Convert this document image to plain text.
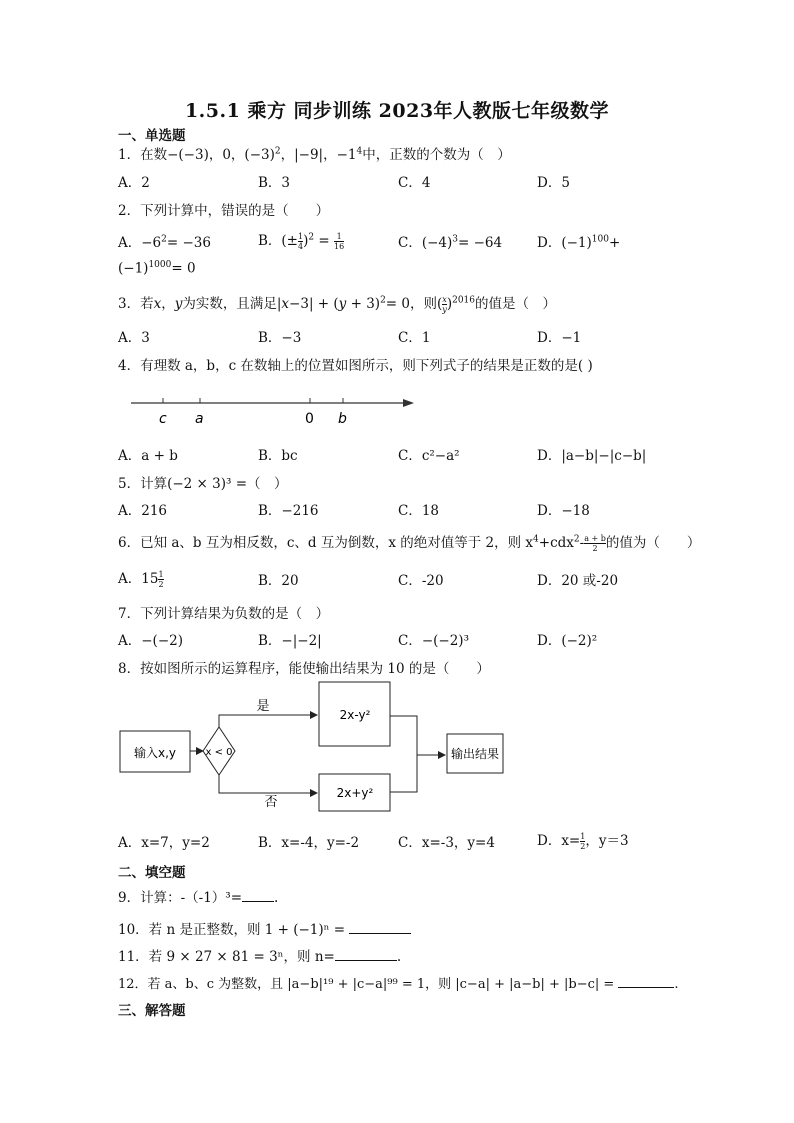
1.5.1 乘方 同步训练 2023年人教版七年级数学
一、单选题
1．在数−(−3)，0，$(-3)^2$，|−9|，$-1^4$中，正数的个数为（　）
A．2	B．3	C．4	D．5
2．下列计算中，错误的是（　　）
A．$-6^2= -36$	B．(± $\frac{1}{4} )^2 = \frac{1}{16}$	C．$(-4)^3= -64$	D．$(-1)^{100}+$
$(-1)^{1000}= 0$
3．若x，y为实数，且满足$|x-3| + (y + 3)^2= 0$，则( $\frac{x}{y} )^{2016}$的值是（　）
A．3	B．−3	C．1	D．−1
4．有理数 a，b，c 在数轴上的位置如图所示，则下列式子的结果是正数的是( )
c a	0 b
A．a + b	B．bc	C．c²−a²	D．|a−b|−|c−b|
5．计算(−2 × 3)³ =（　）
A．216	B．−216	C．18	D．−18
6．已知 a、b 互为相反数，c、d 互为倒数，x 的绝对值等于 2，则 $x^4+cdx^2- \frac{a + b}{2}$ 的值为（　　）
A．$15 \frac{1}{2}$	B．20	C．-20	D．20 或-20
7．下列计算结果为负数的是（　）
A．−(−2)	B．−|−2|	C．−(−2)³	D．(−2)²
8．按如图所示的运算程序，能使输出结果为 10 的是（　　）
输入x,y	x < 0
是
否
2x-y²
2x+y²
输出结果
A．x=7，y=2	B．x=-4，y=-2	C．x=-3，y=4	D．$x= \frac{1}{2}$ ，y＝3
二、填空题
9．计算：-（-1）³= .
10．若 n 是正整数，则 1 + (−1)ⁿ =
11．若 9 × 27 × 81 = 3ⁿ，则 n=	.
12．若 a、b、c 为整数，且 |a−b|¹⁹ + |c−a|⁹⁹ = 1，则 |c−a| + |a−b| + |b−c| =	.
三、解答题
